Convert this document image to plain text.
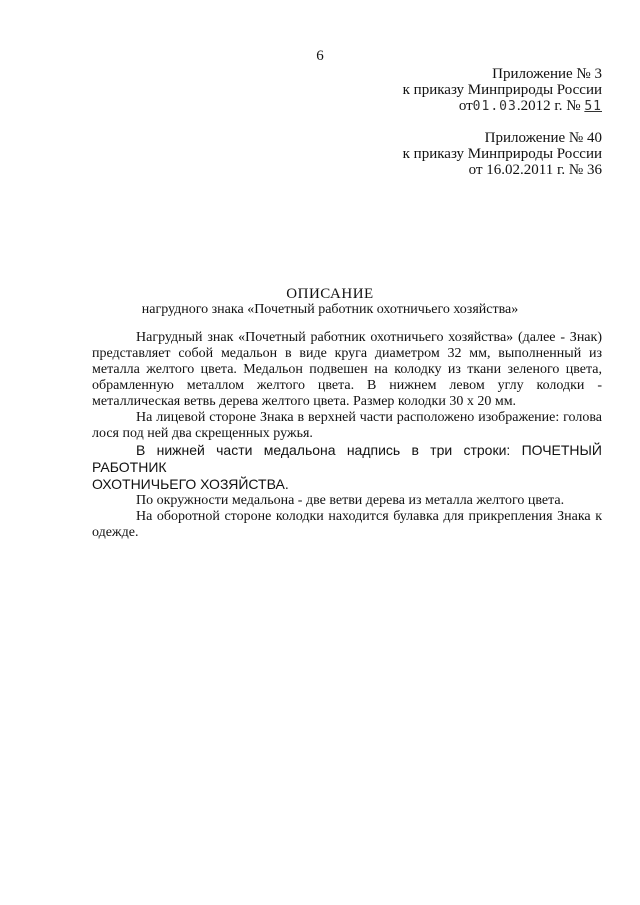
6
Приложение № 3
к приказу Минприроды России
от01.03.2012 г. № 51
Приложение № 40
к приказу Минприроды России
от 16.02.2011 г. № 36
ОПИСАНИЕ
нагрудного знака «Почетный работник охотничьего хозяйства»

Нагрудный знак «Почетный работник охотничьего хозяйства» (далее - Знак)
представляет собой медальон в виде круга диаметром 32 мм, выполненный из
металла желтого цвета. Медальон подвешен на колодку из ткани зеленого цвета,
обрамленную металлом желтого цвета. В нижнем левом углу колодки -
металлическая ветвь дерева желтого цвета. Размер колодки 30 х 20 мм.

На лицевой стороне Знака в верхней части расположено изображение: голова
лося под ней два скрещенных ружья.

В нижней части медальона надпись в три строки: ПОЧЕТНЫЙ РАБОТНИК
ОХОТНИЧЬЕГО ХОЗЯЙСТВА.

По окружности медальона - две ветви дерева из металла желтого цвета.

На оборотной стороне колодки находится булавка для прикрепления Знака к
одежде.
